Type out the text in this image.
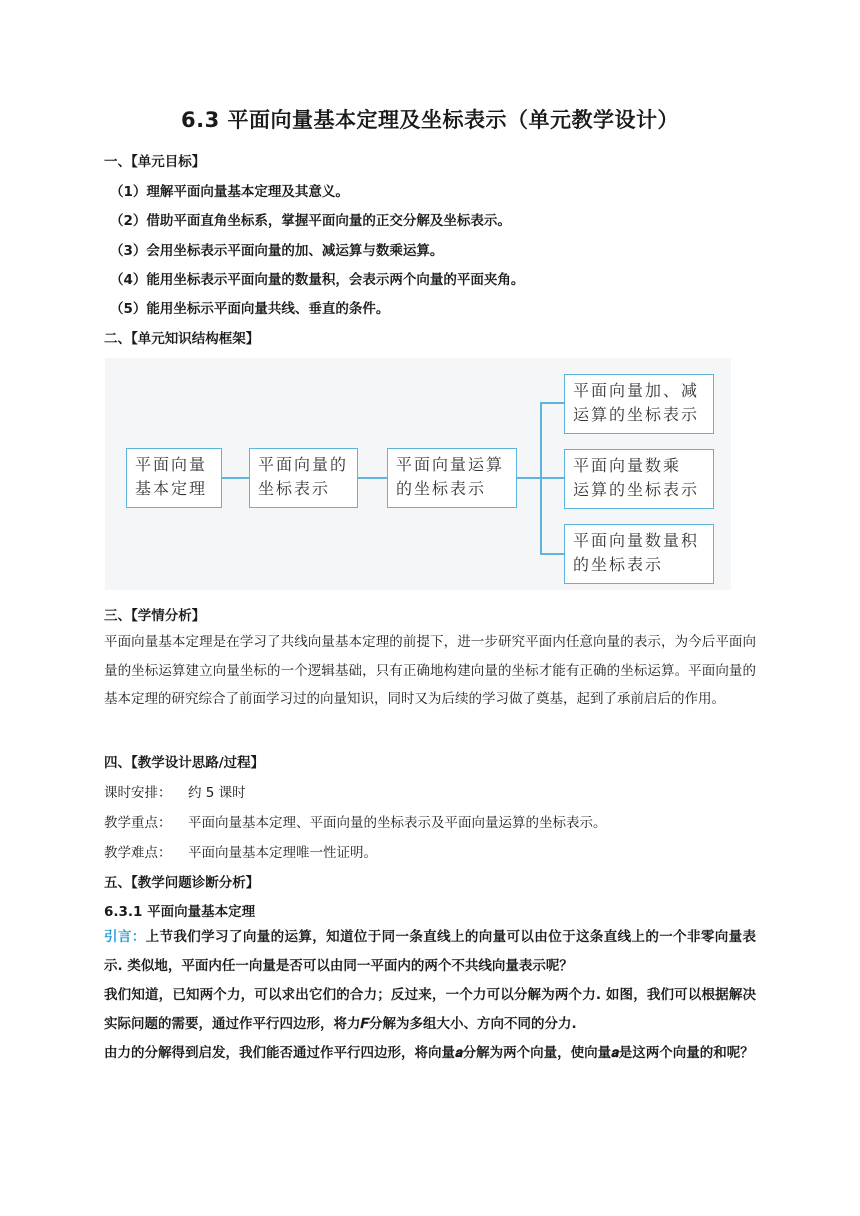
6.3 平面向量基本定理及坐标表示（单元教学设计）
一、【单元目标】
（1）理解平面向量基本定理及其意义。
（2）借助平面直角坐标系，掌握平面向量的正交分解及坐标表示。
（3）会用坐标表示平面向量的加、减运算与数乘运算。
（4）能用坐标表示平面向量的数量积，会表示两个向量的平面夹角。
（5）能用坐标示平面向量共线、垂直的条件。
二、【单元知识结构框架】
平面向量
基本定理
平面向量的
坐标表示
平面向量运算
的坐标表示
平面向量加、减
运算的坐标表示
平面向量数乘
运算的坐标表示
平面向量数量积
的坐标表示
三、【学情分析】
平面向量基本定理是在学习了共线向量基本定理的前提下，进一步研究平面内任意向量的表示，为今后平面向量的坐标运算建立向量坐标的一个逻辑基础，只有正确地构建向量的坐标才能有正确的坐标运算。平面向量的基本定理的研究综合了前面学习过的向量知识，同时又为后续的学习做了奠基，起到了承前启后的作用。
四、【教学设计思路/过程】
课时安排： 约 5 课时
教学重点： 平面向量基本定理、平面向量的坐标表示及平面向量运算的坐标表示。
教学难点： 平面向量基本定理唯一性证明。
五、【教学问题诊断分析】
6.3.1 平面向量基本定理
引言：上节我们学习了向量的运算，知道位于同一条直线上的向量可以由位于这条直线上的一个非零向量表示. 类似地，平面内任一向量是否可以由同一平面内的两个不共线向量表示呢？
我们知道，已知两个力，可以求出它们的合力；反过来，一个力可以分解为两个力. 如图，我们可以根据解决实际问题的需要，通过作平行四边形，将力𝑭分解为多组大小、方向不同的分力.
由力的分解得到启发，我们能否通过作平行四边形，将向量𝒂分解为两个向量，使向量𝒂是这两个向量的和呢？
